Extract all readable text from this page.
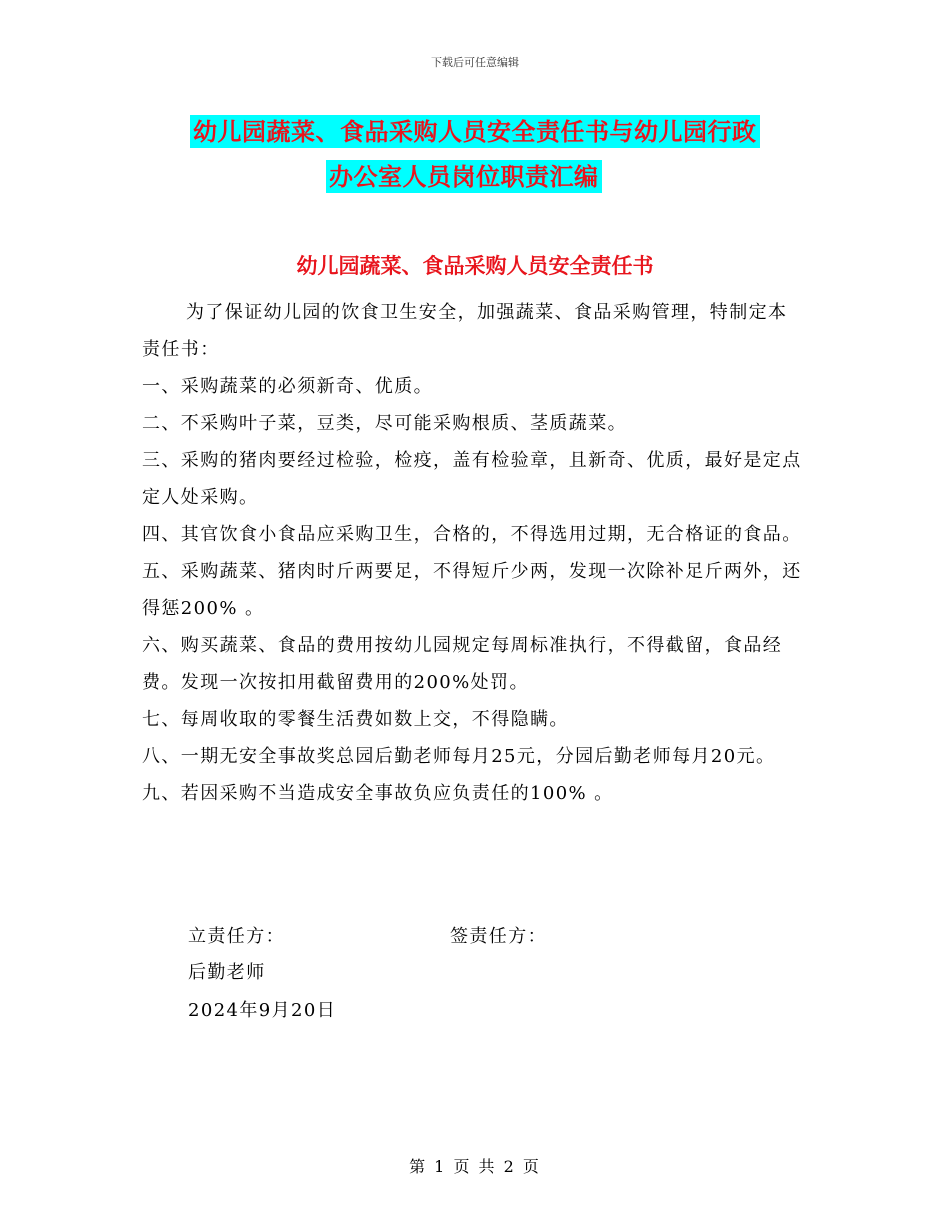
下载后可任意编辑
幼儿园蔬菜、食品采购人员安全责任书与幼儿园行政
办公室人员岗位职责汇编
幼儿园蔬菜、食品采购人员安全责任书
为了保证幼儿园的饮食卫生安全，加强蔬菜、食品采购管理，特制定本责任书：

一、采购蔬菜的必须新奇、优质。

二、不采购叶子菜，豆类，尽可能采购根质、茎质蔬菜。

三、采购的猪肉要经过检验，检疫，盖有检验章，且新奇、优质，最好是定点定人处采购。

四、其官饮食小食品应采购卫生，合格的，不得选用过期，无合格证的食品。

五、采购蔬菜、猪肉时斤两要足，不得短斤少两，发现一次除补足斤两外，还得惩200% 。

六、购买蔬菜、食品的费用按幼儿园规定每周标准执行，不得截留，食品经费。发现一次按扣用截留费用的200%处罚。

七、每周收取的零餐生活费如数上交，不得隐瞒。

八、一期无安全事故奖总园后勤老师每月25元，分园后勤老师每月20元。

九、若因采购不当造成安全事故负应负责任的100% 。

立责任方：	签责任方：
后勤老师
2024年9月20日
第 1 页 共 2 页
